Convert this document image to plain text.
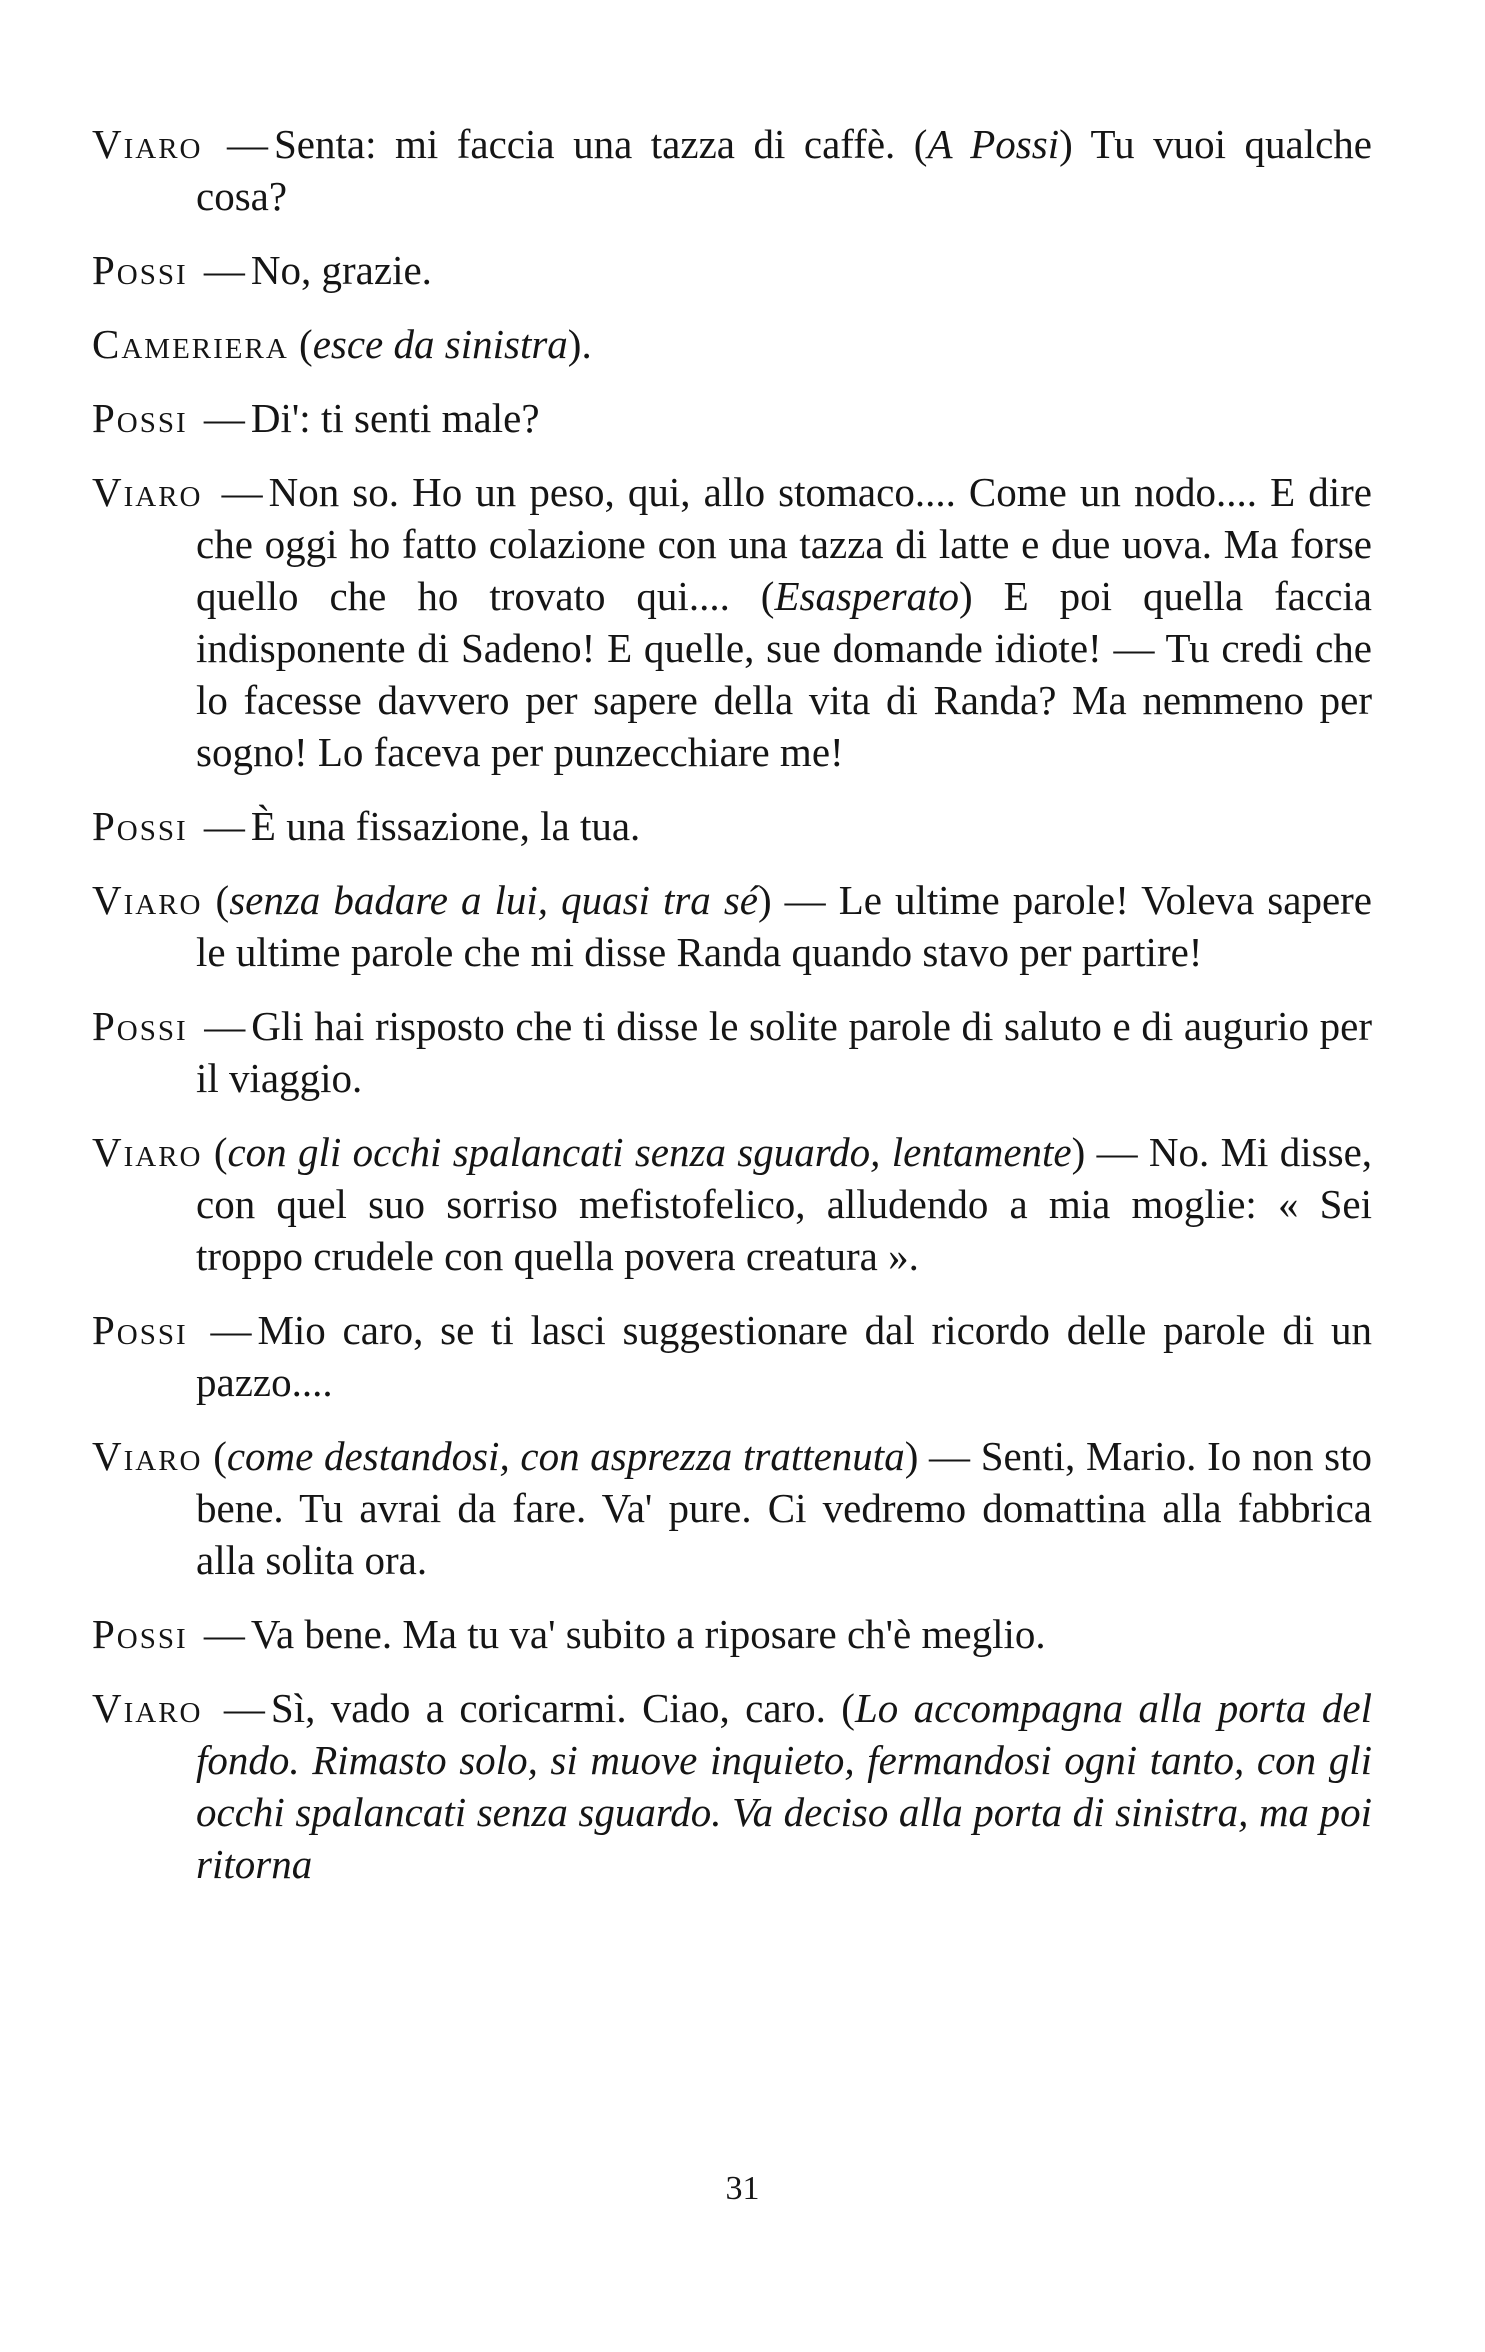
Viaro — Senta: mi faccia una tazza di caffè. (A Possi) Tu vuoi qualche cosa?

Possi — No, grazie.

Cameriera (esce da sinistra).

Possi — Di': ti senti male?

Viaro — Non so. Ho un peso, qui, allo stomaco.... Come un nodo.... E dire che oggi ho fatto colazione con una tazza di latte e due uova. Ma forse quello che ho trovato qui.... (Esasperato) E poi quella faccia indisponente di Sadeno! E quelle, sue domande idiote! — Tu credi che lo facesse davvero per sapere della vita di Randa? Ma nemmeno per sogno! Lo faceva per punzecchiare me!

Possi — È una fissazione, la tua.

Viaro (senza badare a lui, quasi tra sé) — Le ultime parole! Voleva sapere le ultime parole che mi disse Randa quando stavo per partire!

Possi — Gli hai risposto che ti disse le solite parole di saluto e di augurio per il viaggio.

Viaro (con gli occhi spalancati senza sguardo, lentamente) — No. Mi disse, con quel suo sorriso mefistofelico, alludendo a mia moglie: « Sei troppo crudele con quella povera creatura ».

Possi — Mio caro, se ti lasci suggestionare dal ricordo delle parole di un pazzo....

Viaro (come destandosi, con asprezza trattenuta) — Senti, Mario. Io non sto bene. Tu avrai da fare. Va' pure. Ci vedremo domattina alla fabbrica alla solita ora.

Possi — Va bene. Ma tu va' subito a riposare ch'è meglio.

Viaro — Sì, vado a coricarmi. Ciao, caro. (Lo accompagna alla porta del fondo. Rimasto solo, si muove inquieto, fermandosi ogni tanto, con gli occhi spalancati senza sguardo. Va deciso alla porta di sinistra, ma poi ritorna

31
